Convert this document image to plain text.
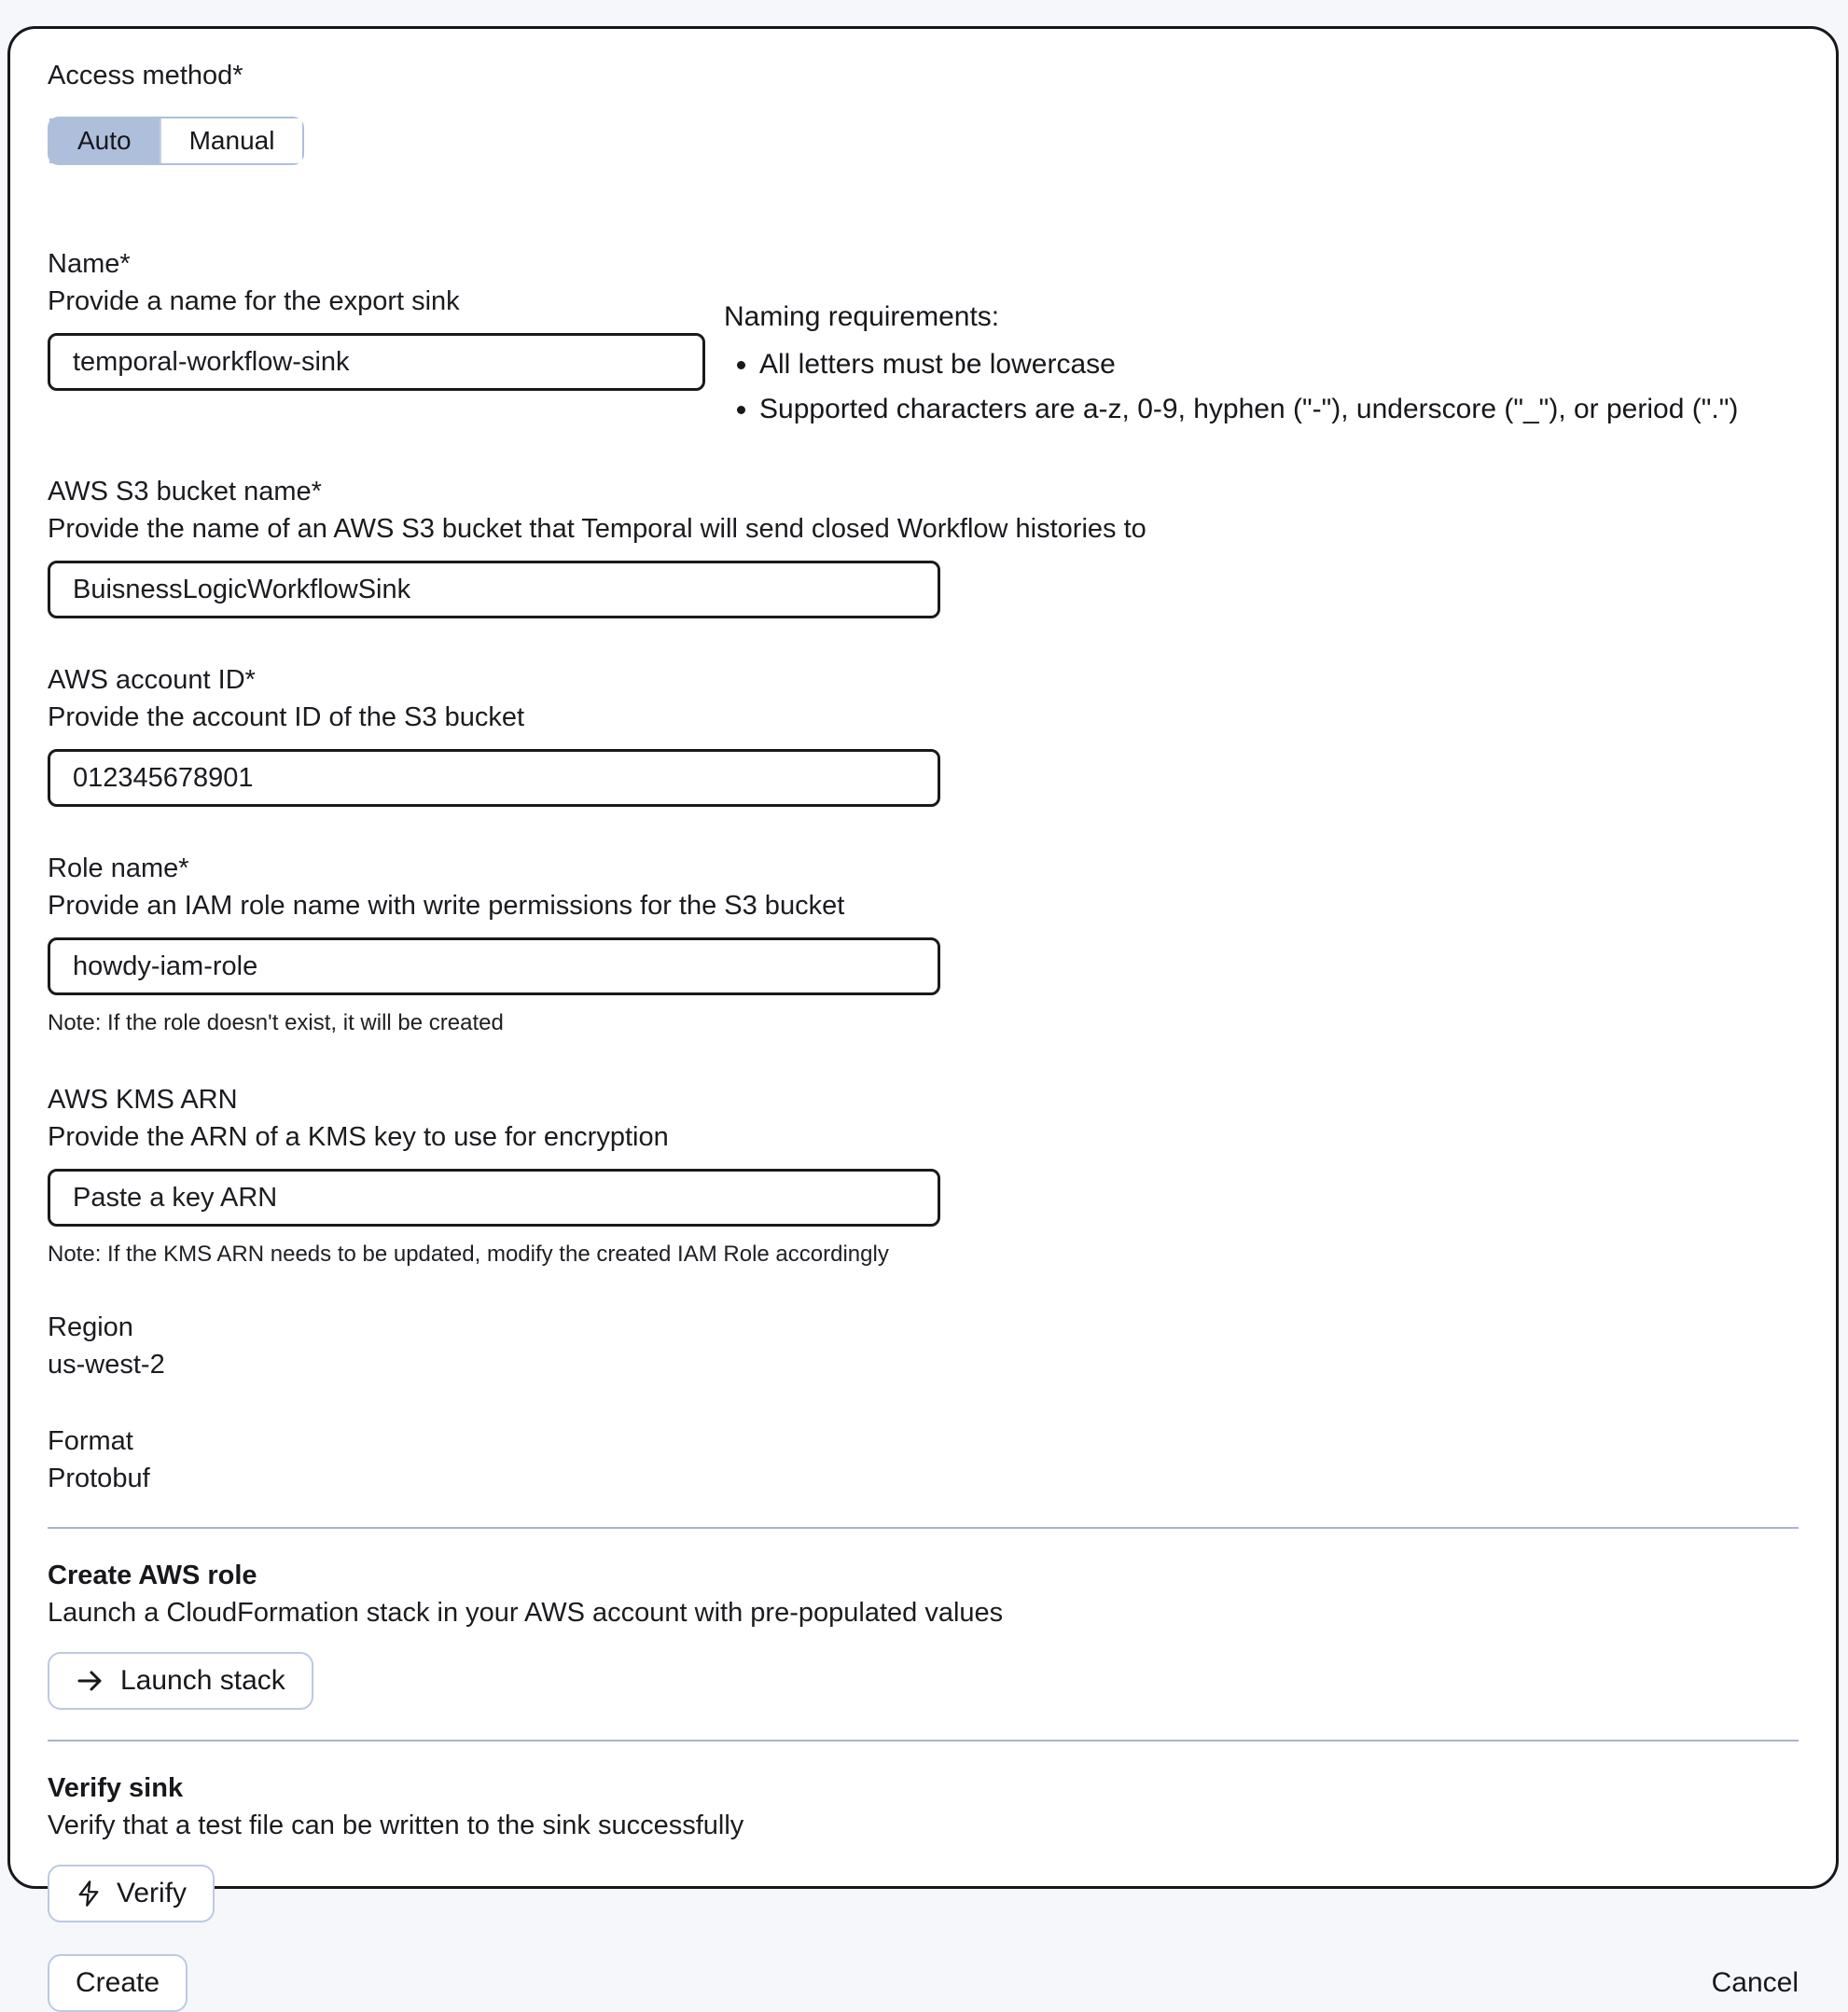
Access method*
Auto	Manual
Name*
Provide a name for the export sink
temporal-workflow-sink	Naming requirements:
• All letters must be lowercase
• Supported characters are a-z, 0-9, hyphen ("-"), underscore ("_"), or period (".")
AWS S3 bucket name*
Provide the name of an AWS S3 bucket that Temporal will send closed Workflow histories to
BuisnessLogicWorkflowSink
AWS account ID*
Provide the account ID of the S3 bucket
012345678901
Role name*
Provide an IAM role name with write permissions for the S3 bucket
howdy-iam-role
Note: If the role doesn't exist, it will be created
AWS KMS ARN
Provide the ARN of a KMS key to use for encryption
Paste a key ARN
Note: If the KMS ARN needs to be updated, modify the created IAM Role accordingly
Region
us-west-2
Format
Protobuf
Create AWS role
Launch a CloudFormation stack in your AWS account with pre-populated values
Launch stack
Verify sink
Verify that a test file can be written to the sink successfully
Verify
Create	Cancel
